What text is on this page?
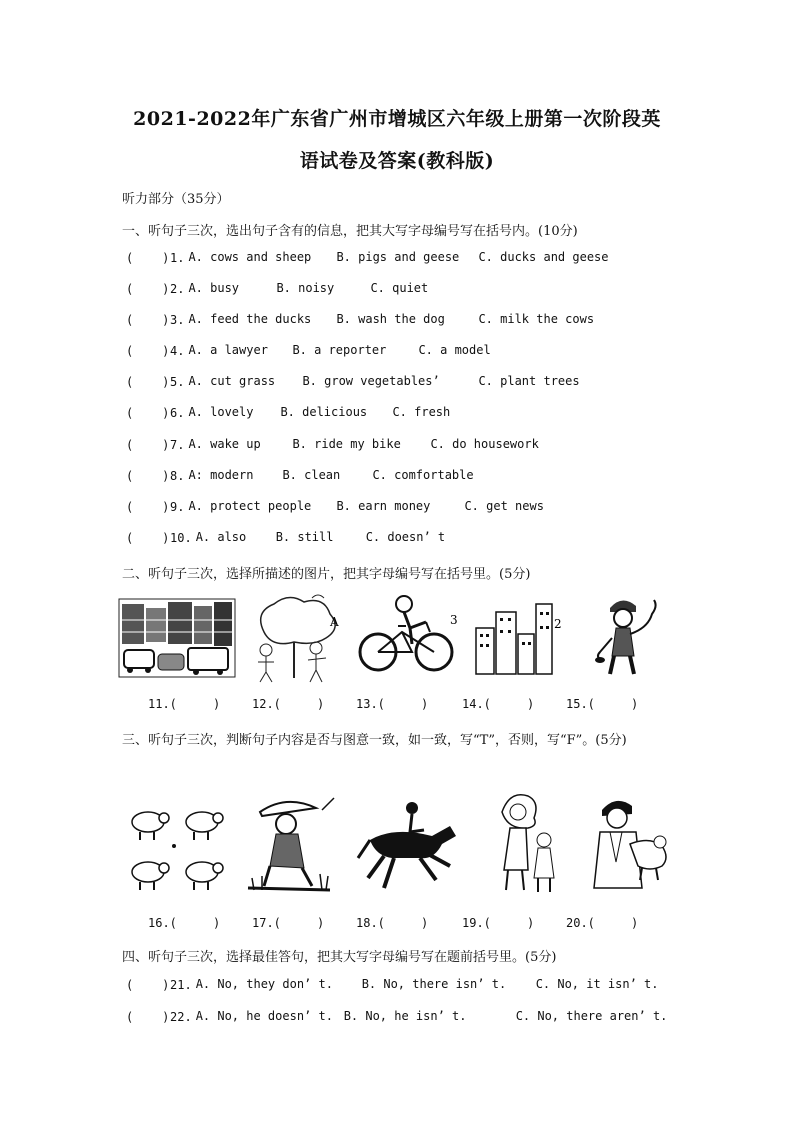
2021-2022年广东省广州市增城区六年级上册第一次阶段英
语试卷及答案(教科版)
听力部分（35分）
一、听句子三次，选出句子含有的信息，把其大写字母编号写在括号内。(10分)
(    )1. A. cows and sheep B. pigs and geese C. ducks and geese
(    )2. A. busy	B. noisy	C. quiet
(    )3. A. feed the ducks B. wash the dog	C. milk the cows
(    )4. A. a lawyer B. a reporter	C. a model
(    )5. A. cut grass B. grow vegetables’	C. plant trees
(    )6. A. lovely B. delicious C. fresh
(    )7. A. wake up	B. ride my bike C. do housework
(    )8. A: modern B. clean	C. comfortable
(    )9. A. protect people B. earn money	C. get news
(    )10. A. also B. still	C. doesn’ t
二、听句子三次，选择所描述的图片，把其字母编号写在括号里。(5分)
A	3	2
11.(     )	12.(     )	13.(     )	14.(     )	15.(     )
三、听句子三次，判断句子内容是否与图意一致，如一致，写“T”，否则，写“F”。(5分)
16.(     )	17.(     )	18.(     )	19.(     )	20.(     )
四、听句子三次，选择最佳答句，把其大写字母编号写在题前括号里。(5分)
(    )21. A. No, they don’ t. B. No, there isn’ t. C. No, it isn’ t.
(    )22. A. No, he doesn’ t. B. No, he isn’ t.	C. No, there aren’ t.
